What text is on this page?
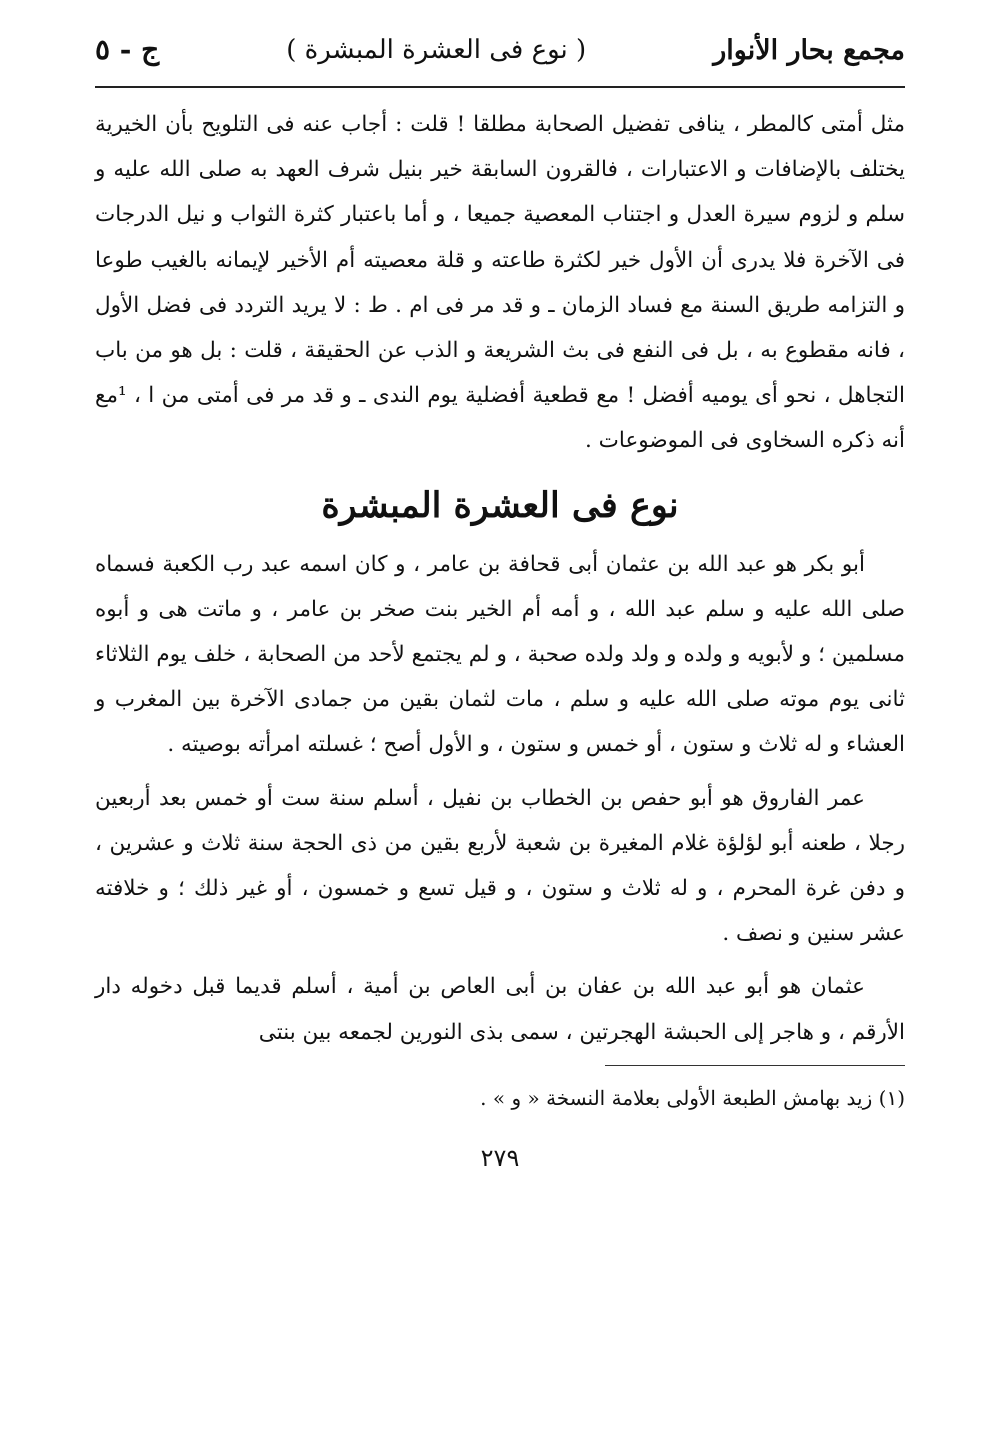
مجمع بحار الأنوار
( نوع فى العشرة المبشرة )
ج - ٥

مثل أمتى كالمطر ، ينافى تفضيل الصحابة مطلقا ! قلت : أجاب عنه فى التلويح بأن الخيرية يختلف بالإضافات و الاعتبارات ، فالقرون السابقة خير بنيل شرف العهد به صلى الله عليه و سلم و لزوم سيرة العدل و اجتناب المعصية جميعا ، و أما باعتبار كثرة الثواب و نيل الدرجات فى الآخرة فلا يدرى أن الأول خير لكثرة طاعته و قلة معصيته أم الأخير لإيمانه بالغيب طوعا و التزامه طريق السنة مع فساد الزمان ـ و قد مر فى ام . ط : لا يريد التردد فى فضل الأول ، فانه مقطوع به ، بل فى النفع فى بث الشريعة و الذب عن الحقيقة ، قلت : بل هو من باب التجاهل ، نحو أى يوميه أفضل ! مع قطعية أفضلية يوم الندى ـ و قد مر فى أمتى من ا ، ¹مع أنه ذكره السخاوى فى الموضوعات .

نوع فى العشرة المبشرة

أبو بكر هو عبد الله بن عثمان أبى قحافة بن عامر ، و كان اسمه عبد رب الكعبة فسماه صلى الله عليه و سلم عبد الله ، و أمه أم الخير بنت صخر بن عامر ، و ماتت هى و أبوه مسلمين ؛ و لأبويه و ولده و ولد ولده صحبة ، و لم يجتمع لأحد من الصحابة ، خلف يوم الثلاثاء ثانى يوم موته صلى الله عليه و سلم ، مات لثمان بقين من جمادى الآخرة بين المغرب و العشاء و له ثلاث و ستون ، أو خمس و ستون ، و الأول أصح ؛ غسلته امرأته بوصيته .

عمر الفاروق هو أبو حفص بن الخطاب بن نفيل ، أسلم سنة ست أو خمس بعد أربعين رجلا ، طعنه أبو لؤلؤة غلام المغيرة بن شعبة لأربع بقين من ذى الحجة سنة ثلاث و عشرين ، و دفن غرة المحرم ، و له ثلاث و ستون ، و قيل تسع و خمسون ، أو غير ذلك ؛ و خلافته عشر سنين و نصف .

عثمان هو أبو عبد الله بن عفان بن أبى العاص بن أمية ، أسلم قديما قبل دخوله دار الأرقم ، و هاجر إلى الحبشة الهجرتين ، سمى بذى النورين لجمعه بين بنتى

(١) زيد بهامش الطبعة الأولى بعلامة النسخة « و » .

٢٧٩
